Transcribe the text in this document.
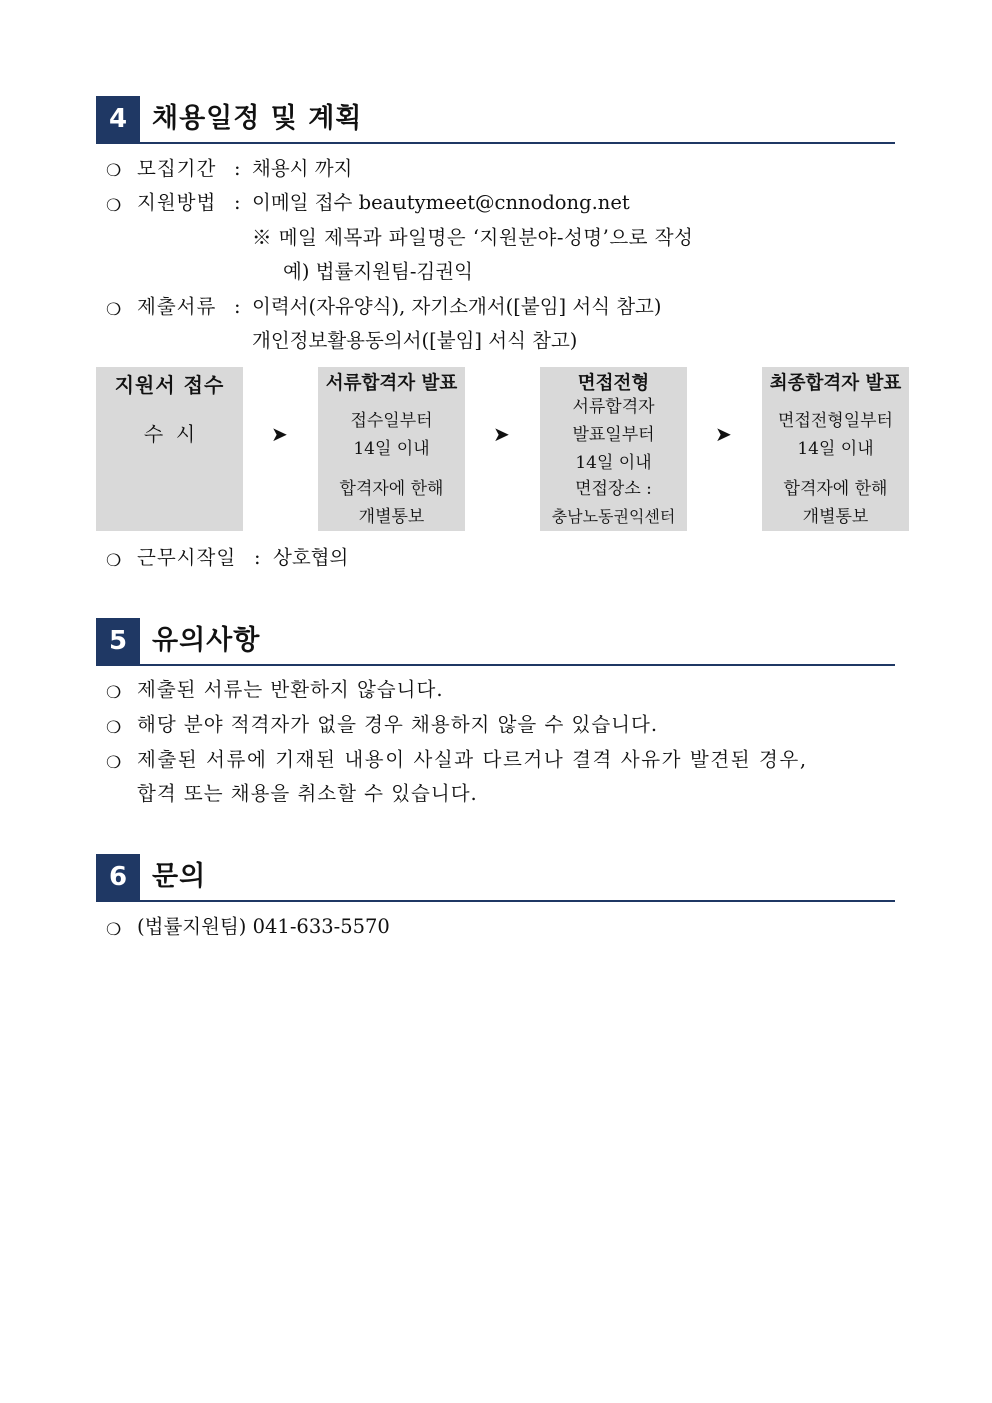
4 채용일정 및 계획
❍ 모집기간 : 채용시 까지
❍ 지원방법 : 이메일 접수 beautymeet@cnnodong.net
※ 메일 제목과 파일명은 ‘지원분야-성명’으로 작성
예) 법률지원팀-김권익
❍ 제출서류 : 이력서(자유양식), 자기소개서([붙임] 서식 참고)
개인정보활용동의서([붙임] 서식 참고)
지원서 접수
수  시	➤
서류합격자 발표
접수일부터
14일 이내
합격자에 한해
개별통보
➤
면접전형
서류합격자
발표일부터
14일 이내
면접장소 :
충남노동권익센터
➤
최종합격자 발표
면접전형일부터
14일 이내
합격자에 한해
개별통보
❍ 근무시작일 : 상호협의
5 유의사항
❍ 제출된 서류는 반환하지 않습니다.
❍ 해당 분야 적격자가 없을 경우 채용하지 않을 수 있습니다.
❍ 제출된 서류에 기재된 내용이 사실과 다르거나 결격 사유가 발견된 경우,
합격 또는 채용을 취소할 수 있습니다.
6 문의
❍ (법률지원팀) 041-633-5570
